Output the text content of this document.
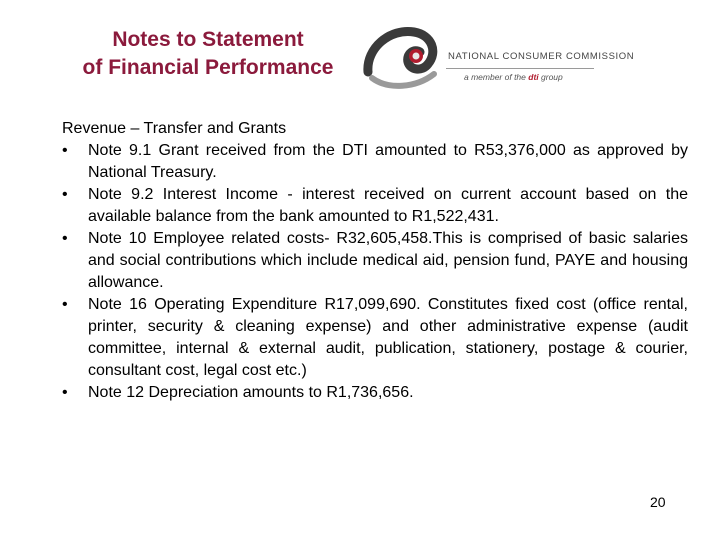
Notes to Statement
of Financial Performance	NATIONAL CONSUMER COMMISSION
a member of the dti group

Revenue – Transfer and Grants

•	Note 9.1 Grant received from the DTI amounted to R53,376,000 as approved by National Treasury.
•	Note 9.2 Interest Income - interest received on current account based on the available balance from the bank amounted to R1,522,431.
•	Note 10 Employee related costs- R32,605,458.This is comprised of basic salaries and social contributions which include medical aid, pension fund, PAYE and housing allowance.
•	Note 16 Operating Expenditure R17,099,690. Constitutes fixed cost (office rental, printer, security & cleaning expense) and other administrative expense (audit committee, internal & external audit, publication, stationery, postage & courier, consultant cost, legal cost etc.)
•	Note 12 Depreciation amounts to R1,736,656.
20
